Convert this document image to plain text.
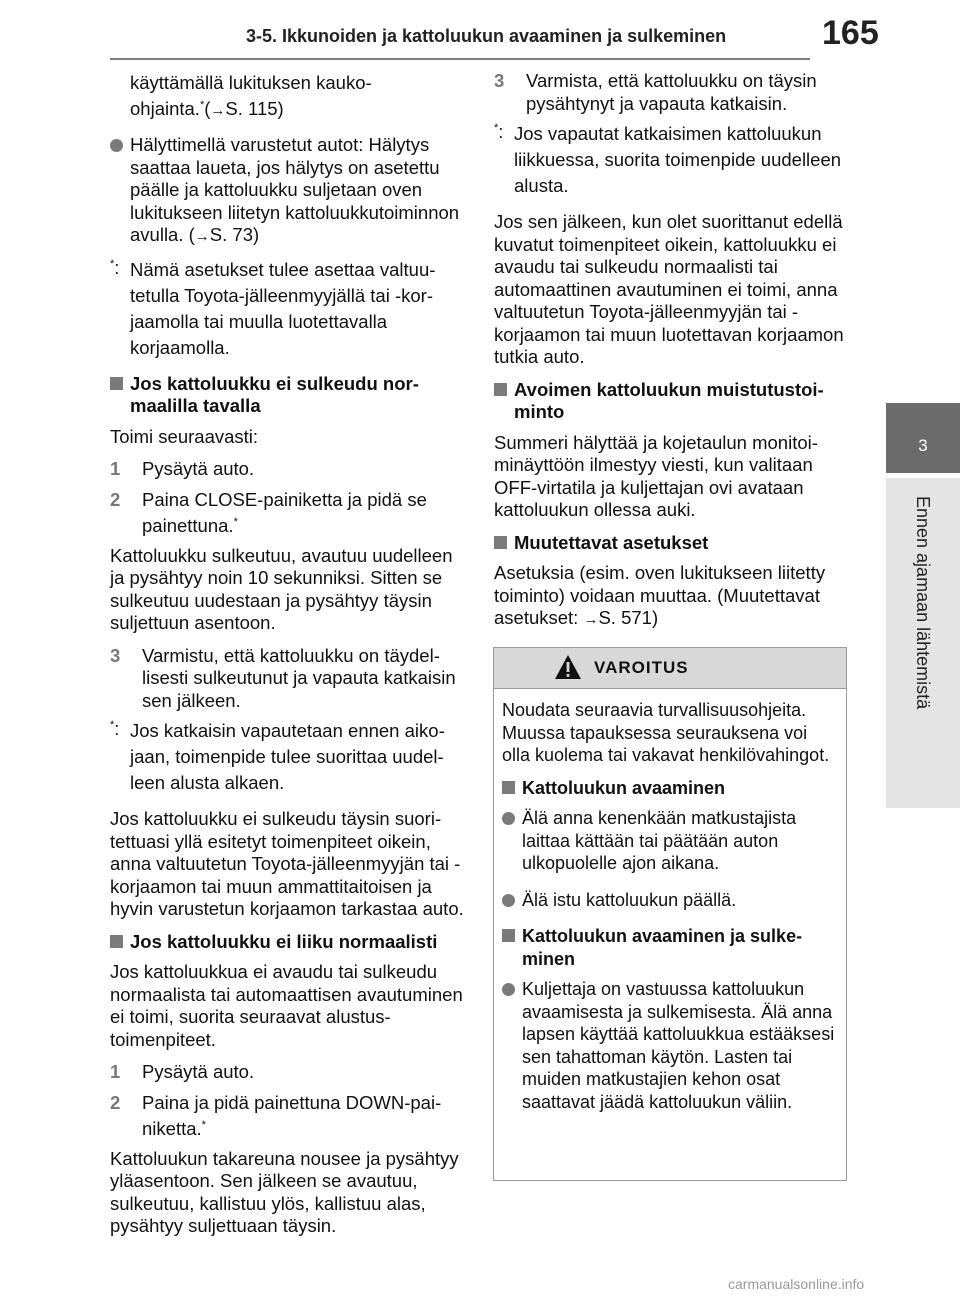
3-5. Ikkunoiden ja kattoluukun avaaminen ja sulkeminen	165
3
Ennen ajamaan lähtemistä

käyttämällä lukituksen kauko-
ohjainta.*(→S. 115)

Hälyttimellä varustetut autot: Hälytys saattaa laueta, jos hälytys on asetettu päälle ja kattoluukku suljetaan oven lukitukseen liitetyn kattoluukkutoiminnon avulla. (→S. 73)
*: Nämä asetukset tulee asettaa valtuutetulla Toyota-jälleenmyyjällä tai -korjaamolla tai muulla luotettavalla korjaamolla.
Jos kattoluukku ei sulkeudu normaalilla tavalla

Toimi seuraavasti:

1	Pysäytä auto.
2	Paina CLOSE-painiketta ja pidä se painettuna.*

Kattoluukku sulkeutuu, avautuu uudelleen ja pysähtyy noin 10 sekunniksi. Sitten se sulkeutuu uudestaan ja pysähtyy täysin suljettuun asentoon.

3	Varmistu, että kattoluukku on täydellisesti sulkeutunut ja vapauta katkaisin sen jälkeen.
*: Jos katkaisin vapautetaan ennen aikojaan, toimenpide tulee suorittaa uudelleen alusta alkaen.

Jos kattoluukku ei sulkeudu täysin suoritettuasi yllä esitetyt toimenpiteet oikein, anna valtuutetun Toyota-jälleenmyyjän tai -korjaamon tai muun ammattitaitoisen ja hyvin varustetun korjaamon tarkastaa auto.

Jos kattoluukku ei liiku normaalisti

Jos kattoluukkua ei avaudu tai sulkeudu normaalista tai automaattisen avautuminen ei toimi, suorita seuraavat alustustoimenpiteet.

1	Pysäytä auto.
2	Paina ja pidä painettuna DOWN-painiketta.*

Kattoluukun takareuna nousee ja pysähtyy yläasentoon. Sen jälkeen se avautuu, sulkeutuu, kallistuu ylös, kallistuu alas, pysähtyy suljettuaan täysin.

3	Varmista, että kattoluukku on täysin pysähtynyt ja vapauta katkaisin.
*: Jos vapautat katkaisimen kattoluukun liikkuessa, suorita toimenpide uudelleen alusta.

Jos sen jälkeen, kun olet suorittanut edellä kuvatut toimenpiteet oikein, kattoluukku ei avaudu tai sulkeudu normaalisti tai automaattinen avautuminen ei toimi, anna valtuutetun Toyota-jälleenmyyjän tai -korjaamon tai muun luotettavan korjaamon tutkia auto.

Avoimen kattoluukun muistutustoiminto

Summeri hälyttää ja kojetaulun monitoiminäyttöön ilmestyy viesti, kun valitaan OFF-virtatila ja kuljettajan ovi avataan kattoluukun ollessa auki.

Muutettavat asetukset

Asetuksia (esim. oven lukitukseen liitetty toiminto) voidaan muuttaa. (Muutettavat asetukset: →S. 571)

VAROITUS

Noudata seuraavia turvallisuusohjeita.
Muussa tapauksessa seurauksena voi olla kuolema tai vakavat henkilövahingot.

Kattoluukun avaaminen
Älä anna kenenkään matkustajista laittaa kättään tai päätään auton ulkopuolelle ajon aikana.
Älä istu kattoluukun päällä.
Kattoluukun avaaminen ja sulkeminen
Kuljettaja on vastuussa kattoluukun avaamisesta ja sulkemisesta. Älä anna lapsen käyttää kattoluukkua estääksesi sen tahattoman käytön. Lasten tai muiden matkustajien kehon osat saattavat jäädä kattoluukun väliin.
carmanualsonline.info
